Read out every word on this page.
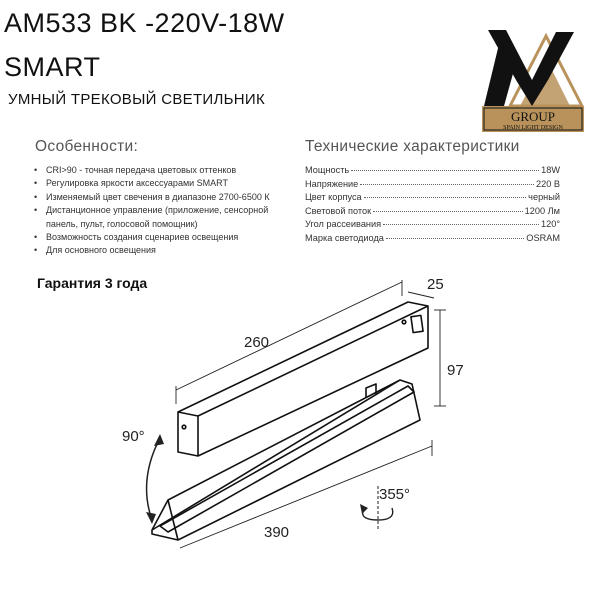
AM533 BK -220V-18W
SMART
УМНЫЙ ТРЕКОВЫЙ СВЕТИЛЬНИК
GROUP
SPAIN LIGHT DESIGN
Особенности:	Технические характеристики
• CRI>90 - точная передача цветовых оттенков
• Регулировка яркости аксессуарами SMART
• Изменяемый цвет свечения в диапазоне 2700-6500 К
• Дистанционное управление (приложение, сенсорной
панель, пульт, голосовой помощник)
• Возможность создания сценариев освещения
• Для основного освещения
Мощность	18W
Напряжение	220 В
Цвет корпуса	черный
Световой поток	1200 Лм
Угол рассеивания	120°
Марка светодиода	OSRAM
Гарантия 3 года	25
260
97
90°
355°
390
